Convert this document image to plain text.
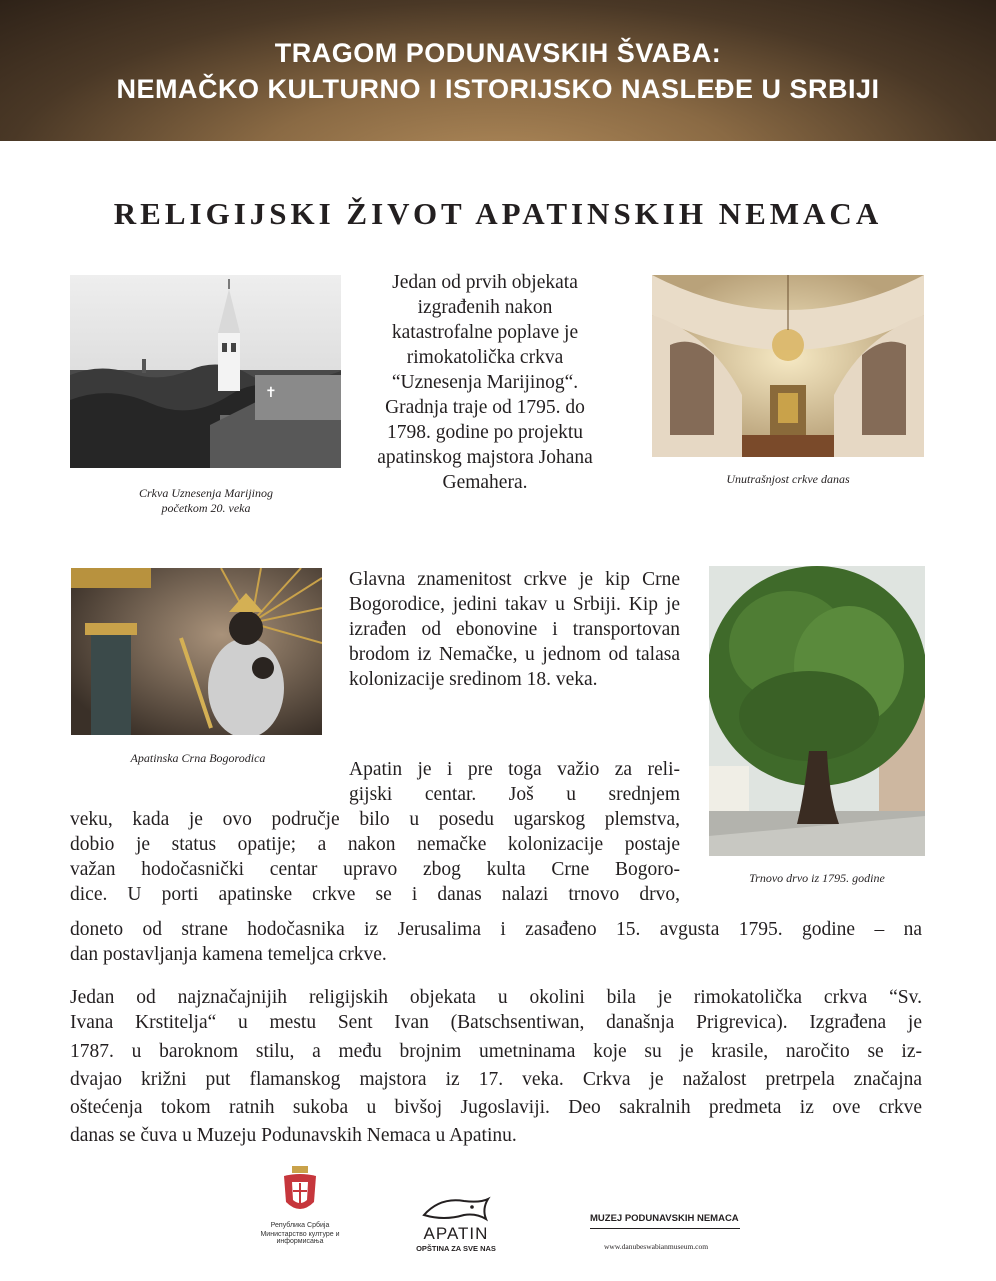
TRAGOM PODUNAVSKIH ŠVABA:
NEMAČKO KULTURNO I ISTORIJSKO NASLEĐE U SRBIJI
RELIGIJSKI ŽIVOT APATINSKIH NEMACA
✝
Crkva Uznesenja Marijinog početkom 20. veka
Jedan od prvih objekata izgrađenih nakon katastrofalne poplave je rimokatolička crkva “Uznesenja Marijinog“. Gradnja traje od 1795. do 1798. godine po projektu apatinskog majstora Johana Gemahera.	Unutrašnjost crkve danas
Apatinska Crna Bogorodica
Glavna znamenitost crkve je kip Crne Bogorodice, jedini takav u Srbiji. Kip je izrađen od ebonovine i transportovan brodom iz Nemačke, u jednom od talasa kolonizacije sredinom 18. veka.
Trnovo drvo iz 1795. godine
Apatin je i pre toga važio za reli-
gijski centar. Još u srednjem
veku, kada je ovo područje bilo u posedu ugarskog plemstva,
dobio je status opatije; a nakon nemačke kolonizacije postaje
važan hodočasnički centar upravo zbog kulta Crne Bogoro-
dice. U porti apatinske crkve se i danas nalazi trnovo drvo,
doneto od strane hodočasnika iz Jerusalima i zasađeno 15. avgusta 1795. godine – na
dan postavljanja kamena temeljca crkve.
Jedan od najznačajnijih religijskih objekata u okolini bila je rimokatolička crkva “Sv.
Ivana Krstitelja“ u mestu Sent Ivan (Batschsentiwan, današnja Prigrevica). Izgrađena je
1787. u baroknom stilu, a među brojnim umetninama koje su je krasile, naročito se iz-
dvajao križni put flamanskog majstora iz 17. veka. Crkva je nažalost pretrpela značajna
oštećenja tokom ratnih sukoba u bivšoj Jugoslaviji. Deo sakralnih predmeta iz ove crkve
danas se čuva u Muzeju Podunavskih Nemaca u Apatinu.
Република Србија
Министарство културе и информисања	APATIN
OPŠTINA ZA SVE NAS
MUZEJ PODUNAVSKIH NEMACA
www.danubeswabianmuseum.com
